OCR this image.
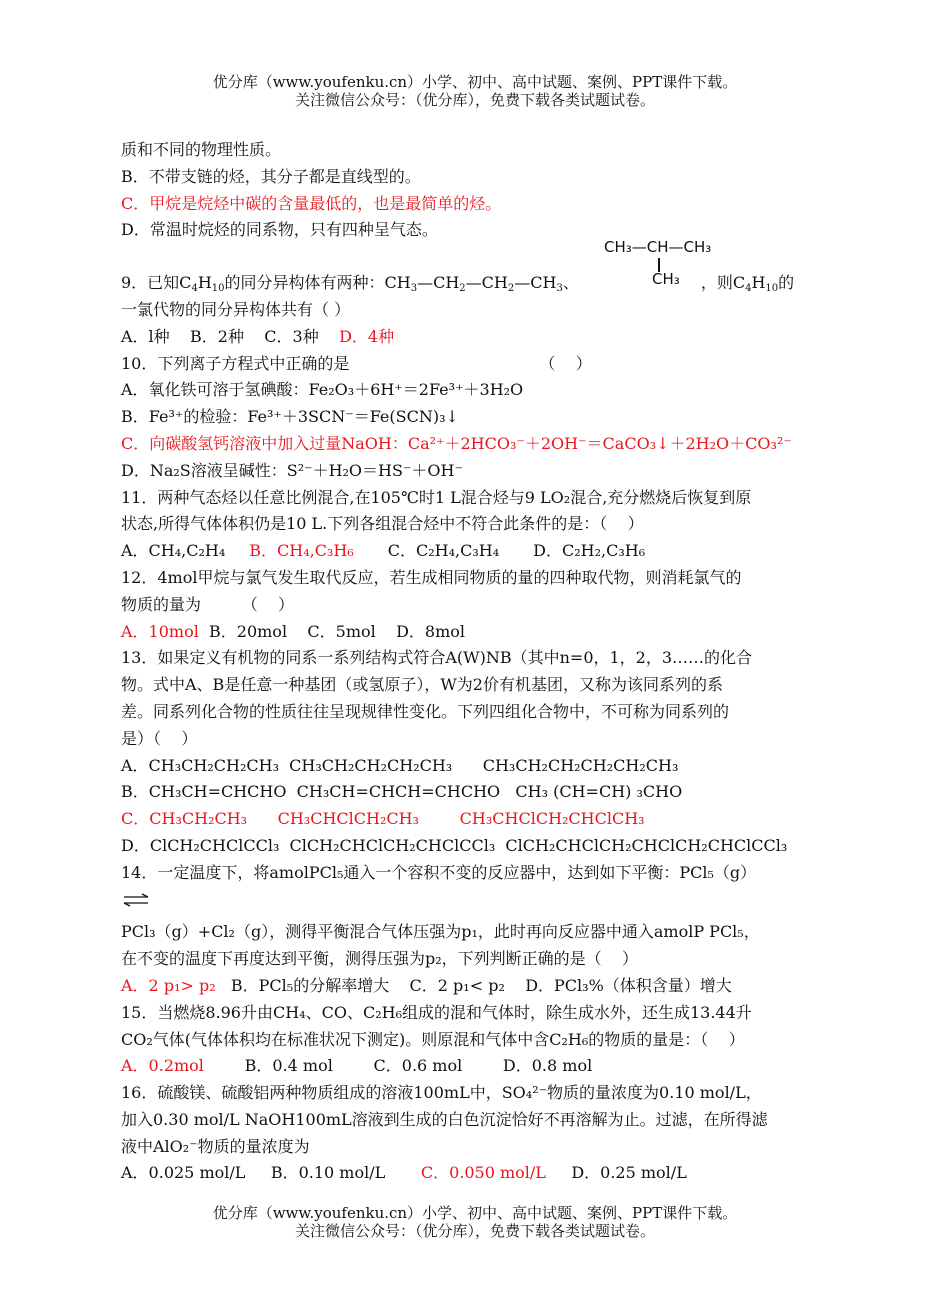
优分库（www.youfenku.cn）小学、初中、高中试题、案例、PPT课件下载。
关注微信公众号：（优分库），免费下载各类试题试卷。
CH₃—CH—CH₃
CH₃
质和不同的物理性质。
B．不带支链的烃，其分子都是直线型的。
C．甲烷是烷烃中碳的含量最低的，也是最简单的烃。
D．常温时烷烃的同系物，只有四种呈气态。
9．已知$C_4H_{10}$的同分异构体有两种：$CH_3—CH_2—CH_2—CH_3$、	，则$C_4H_{10}$的
一氯代物的同分异构体共有（ ）
A．l种    B．2种    C．3种    D．4种
10．下列离子方程式中正确的是	（    ）
A．氧化铁可溶于氢碘酸：Fe₂O₃＋6H⁺＝2Fe³⁺＋3H₂O
B．Fe³⁺的检验：Fe³⁺＋3SCN⁻＝Fe(SCN)₃↓
C．向碳酸氢钙溶液中加入过量NaOH：Ca²⁺＋2HCO₃⁻＋2OH⁻＝CaCO₃↓＋2H₂O＋CO₃²⁻
D．Na₂S溶液呈碱性：S²⁻＋H₂O＝HS⁻＋OH⁻
11．两种气态烃以任意比例混合,在105℃时1 L混合烃与9 LO₂混合,充分燃烧后恢复到原
状态,所得气体体积仍是10 L.下列各组混合烃中不符合此条件的是：（    ）
A．CH₄,C₂H₄ B．CH₄,C₃H₆ C．C₂H₄,C₃H₄ D．C₂H₂,C₃H₆
12．4mol甲烷与氯气发生取代反应，若生成相同物质的量的四种取代物，则消耗氯气的
物质的量为        （    ）
A．10mol  B．20mol    C．5mol    D．8mol
13．如果定义有机物的同系一系列结构式符合A(W)NB（其中n=0，1，2，3……的化合
物。式中A、B是任意一种基团（或氢原子），W为2价有机基团，又称为该同系列的系
差。同系列化合物的性质往往呈现规律性变化。下列四组化合物中，不可称为同系列的
是）（    ）
A．CH₃CH₂CH₂CH₃  CH₃CH₂CH₂CH₂CH₃      CH₃CH₂CH₂CH₂CH₂CH₃
B．CH₃CH=CHCHO  CH₃CH=CHCH=CHCHO   CH₃ (CH=CH) ₃CHO
C．CH₃CH₂CH₃      CH₃CHClCH₂CH₃        CH₃CHClCH₂CHClCH₃
D．ClCH₂CHClCCl₃  ClCH₂CHClCH₂CHClCCl₃  ClCH₂CHClCH₂CHClCH₂CHClCCl₃
14．一定温度下，将amolPCl₅通入一个容积不变的反应器中，达到如下平衡：PCl₅（g）
PCl₃（g）+Cl₂（g），测得平衡混合气体压强为p₁，此时再向反应器中通入amolP PCl₅，
在不变的温度下再度达到平衡，测得压强为p₂，下列判断正确的是（    ）
A．2 p₁> p₂   B．PCl₅的分解率增大    C．2 p₁< p₂    D．PCl₃%（体积含量）增大
15．当燃烧8.96升由CH₄、CO、C₂H₆组成的混和气体时，除生成水外，还生成13.44升
CO₂气体(气体体积均在标准状况下测定)。则原混和气体中含C₂H₆的物质的量是：（    ）
A．0.2mol        B．0.4 mol        C．0.6 mol        D．0.8 mol
16．硫酸镁、硫酸铝两种物质组成的溶液100mL中，SO₄²⁻物质的量浓度为0.10 mol/L，
加入0.30 mol/L NaOH100mL溶液到生成的白色沉淀恰好不再溶解为止。过滤，在所得滤
液中AlO₂⁻物质的量浓度为
A．0.025 mol/L     B．0.10 mol/L       C．0.050 mol/L     D．0.25 mol/L
优分库（www.youfenku.cn）小学、初中、高中试题、案例、PPT课件下载。
关注微信公众号：（优分库），免费下载各类试题试卷。
